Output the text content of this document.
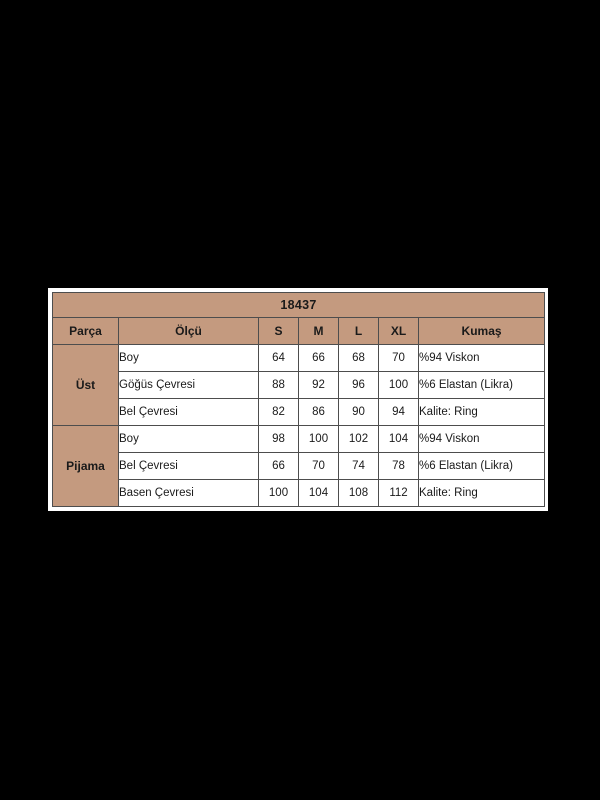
18437						
Parça	Ölçü	S	M	L	XL	Kumaş
Üst	Boy	64	66	68	70	%94 Viskon
	Göğüs Çevresi	88	92	96	100	%6 Elastan (Likra)
	Bel Çevresi	82	86	90	94	Kalite: Ring
Pijama	Boy	98	100	102	104	%94 Viskon
	Bel Çevresi	66	70	74	78	%6 Elastan (Likra)
	Basen Çevresi	100	104	108	112	Kalite: Ring
